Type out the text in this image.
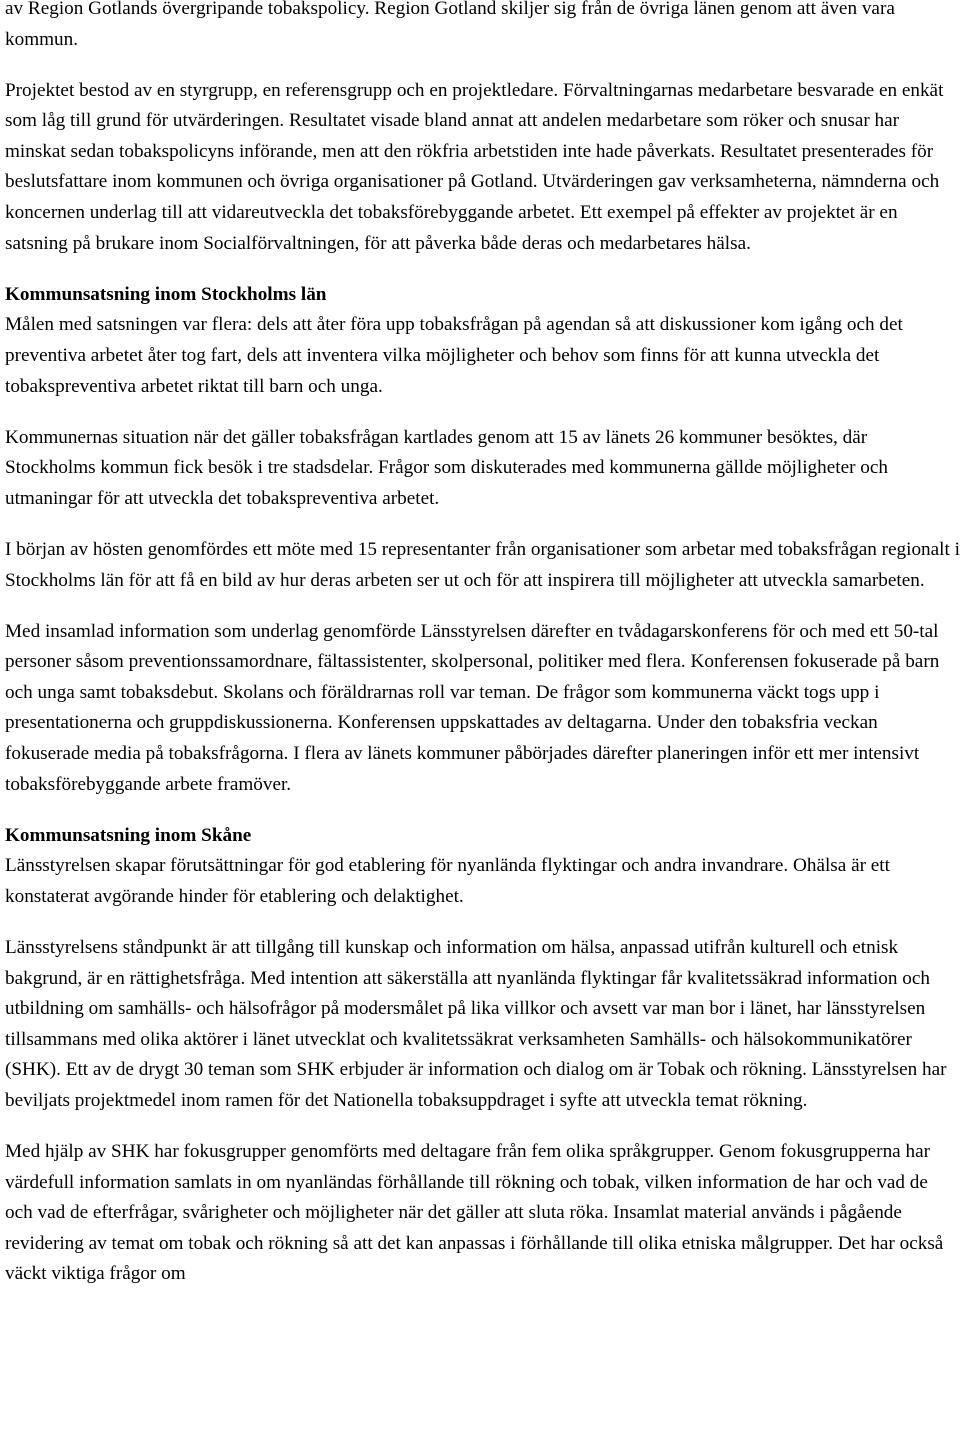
av Region Gotlands övergripande tobakspolicy. Region Gotland skiljer sig från de övriga länen genom att även vara kommun.

Projektet bestod av en styrgrupp, en referensgrupp och en projektledare. Förvaltningarnas medarbetare besvarade en enkät som låg till grund för utvärderingen. Resultatet visade bland annat att andelen medarbetare som röker och snusar har minskat sedan tobakspolicyns införande, men att den rökfria arbetstiden inte hade påverkats. Resultatet presenterades för beslutsfattare inom kommunen och övriga organisationer på Gotland. Utvärderingen gav verksamheterna, nämnderna och koncernen underlag till att vidareutveckla det tobaksförebyggande arbetet. Ett exempel på effekter av projektet är en satsning på brukare inom Socialförvaltningen, för att påverka både deras och medarbetares hälsa.

Kommunsatsning inom Stockholms län

Målen med satsningen var flera: dels att åter föra upp tobaksfrågan på agendan så att diskussioner kom igång och det preventiva arbetet åter tog fart, dels att inventera vilka möjligheter och behov som finns för att kunna utveckla det tobakspreventiva arbetet riktat till barn och unga.

Kommunernas situation när det gäller tobaksfrågan kartlades genom att 15 av länets 26 kommuner besöktes, där Stockholms kommun fick besök i tre stadsdelar. Frågor som diskuterades med kommunerna gällde möjligheter och utmaningar för att utveckla det tobakspreventiva arbetet.

I början av hösten genomfördes ett möte med 15 representanter från organisationer som arbetar med tobaksfrågan regionalt i Stockholms län för att få en bild av hur deras arbeten ser ut och för att inspirera till möjligheter att utveckla samarbeten.

Med insamlad information som underlag genomförde Länsstyrelsen därefter en tvådagarskonferens för och med ett 50-tal personer såsom preventionssamordnare, fältassistenter, skolpersonal, politiker med flera. Konferensen fokuserade på barn och unga samt tobaksdebut. Skolans och föräldrarnas roll var teman. De frågor som kommunerna väckt togs upp i presentationerna och gruppdiskussionerna. Konferensen uppskattades av deltagarna. Under den tobaksfria veckan fokuserade media på tobaksfrågorna. I flera av länets kommuner påbörjades därefter planeringen inför ett mer intensivt tobaksförebyggande arbete framöver.

Kommunsatsning inom Skåne

Länsstyrelsen skapar förutsättningar för god etablering för nyanlända flyktingar och andra invandrare. Ohälsa är ett konstaterat avgörande hinder för etablering och delaktighet.

Länsstyrelsens ståndpunkt är att tillgång till kunskap och information om hälsa, anpassad utifrån kulturell och etnisk bakgrund, är en rättighetsfråga. Med intention att säkerställa att nyanlända flyktingar får kvalitetssäkrad information och utbildning om samhälls- och hälsofrågor på modersmålet på lika villkor och avsett var man bor i länet, har länsstyrelsen tillsammans med olika aktörer i länet utvecklat och kvalitetssäkrat verksamheten Samhälls- och hälsokommunikatörer (SHK). Ett av de drygt 30 teman som SHK erbjuder är information och dialog om är Tobak och rökning. Länsstyrelsen har beviljats projektmedel inom ramen för det Nationella tobaksuppdraget i syfte att utveckla temat rökning.

Med hjälp av SHK har fokusgrupper genomförts med deltagare från fem olika språkgrupper. Genom fokusgrupperna har värdefull information samlats in om nyanländas förhållande till rökning och tobak, vilken information de har och vad de och vad de efterfrågar, svårigheter och möjligheter när det gäller att sluta röka. Insamlat material används i pågående revidering av temat om tobak och rökning så att det kan anpassas i förhållande till olika etniska målgrupper. Det har också väckt viktiga frågor om
